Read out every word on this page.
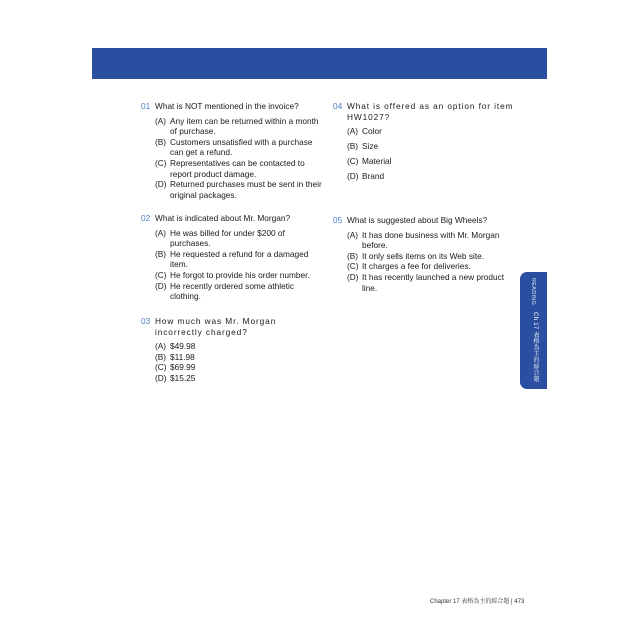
01 What is NOT mentioned in the invoice?
(A) Any item can be returned within a month of purchase.
(B) Customers unsatisfied with a purchase can get a refund.
(C) Representatives can be contacted to report product damage.
(D) Returned purchases must be sent in their original packages.
02 What is indicated about Mr. Morgan?
(A) He was billed for under $200 of purchases.
(B) He requested a refund for a damaged item.
(C) He forgot to provide his order number.
(D) He recently ordered some athletic clothing.
03 How much was Mr. Morgan incorrectly charged?
(A) $49.98
(B) $11.98
(C) $69.99
(D) $15.25
04 What is offered as an option for item HW1027?
(A) Color
(B) Size
(C) Material
(D) Brand
05 What is suggested about Big Wheels?
(A) It has done business with Mr. Morgan before.
(B) It only sells items on its Web site.
(C) It charges a fee for deliveries.
(D) It has recently launched a new product line.	READING
Ch 17 表格為主的綜合題
Chapter 17 表格為主的綜合題 | 473
